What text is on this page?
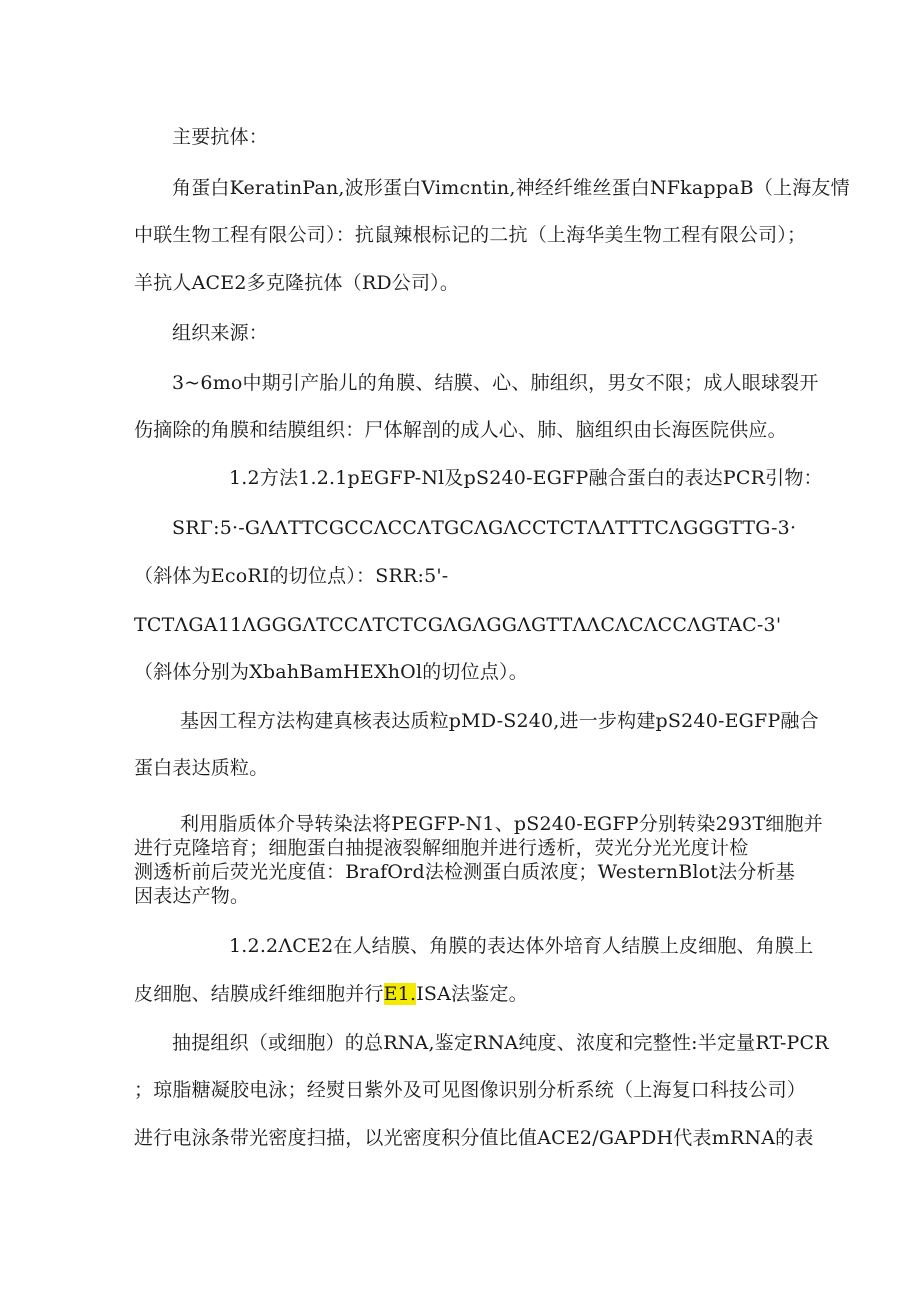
主要抗体：
角蛋白KeratinPan,波形蛋白Vimcntin,神经纤维丝蛋白NFkappaB（上海友情
中联生物工程有限公司）：抗鼠辣根标记的二抗（上海华美生物工程有限公司）；
羊抗人ACE2多克隆抗体（RD公司）。
组织来源：
3~6mo中期引产胎儿的角膜、结膜、心、肺组织，男女不限；成人眼球裂开
伤摘除的角膜和结膜组织：尸体解剖的成人心、肺、脑组织由长海医院供应。
1.2方法1.2.1pEGFP-Nl及pS240-EGFP融合蛋白的表达PCR引物：
SRΓ:5·-GΛΛTTCGCCΛCCΛTGCΛGΛCCTCTΛΛTTTCΛGGGTTG-3·
（斜体为EcoRI的切位点）：SRR:5'-
TCTΛGA11ΛGGGΛTCCΛTCTCGΛGΛGGΛGTTΛΛCΛCΛCCΛGTAC-3'
（斜体分别为XbahBamHEXhOl的切位点）。
基因工程方法构建真核表达质粒pMD-S240,进一步构建pS240-EGFP融合
蛋白表达质粒。
利用脂质体介导转染法将PEGFP-N1、pS240-EGFP分别转染293T细胞并
进行克隆培育；细胞蛋白抽提液裂解细胞并进行透析，荧光分光光度计检
测透析前后荧光光度值：BrafOrd法检测蛋白质浓度；WesternBlot法分析基
因表达产物。
1.2.2ΛCE2在人结膜、角膜的表达体外培育人结膜上皮细胞、角膜上
皮细胞、结膜成纤维细胞并行E1.ISA法鉴定。
抽提组织（或细胞）的总RNA,鉴定RNA纯度、浓度和完整性:半定量RT-PCR
；琼脂糖凝胶电泳；经熨日紫外及可见图像识别分析系统（上海复口科技公司）
进行电泳条带光密度扫描，以光密度积分值比值ACE2/GAPDH代表mRNA的表
